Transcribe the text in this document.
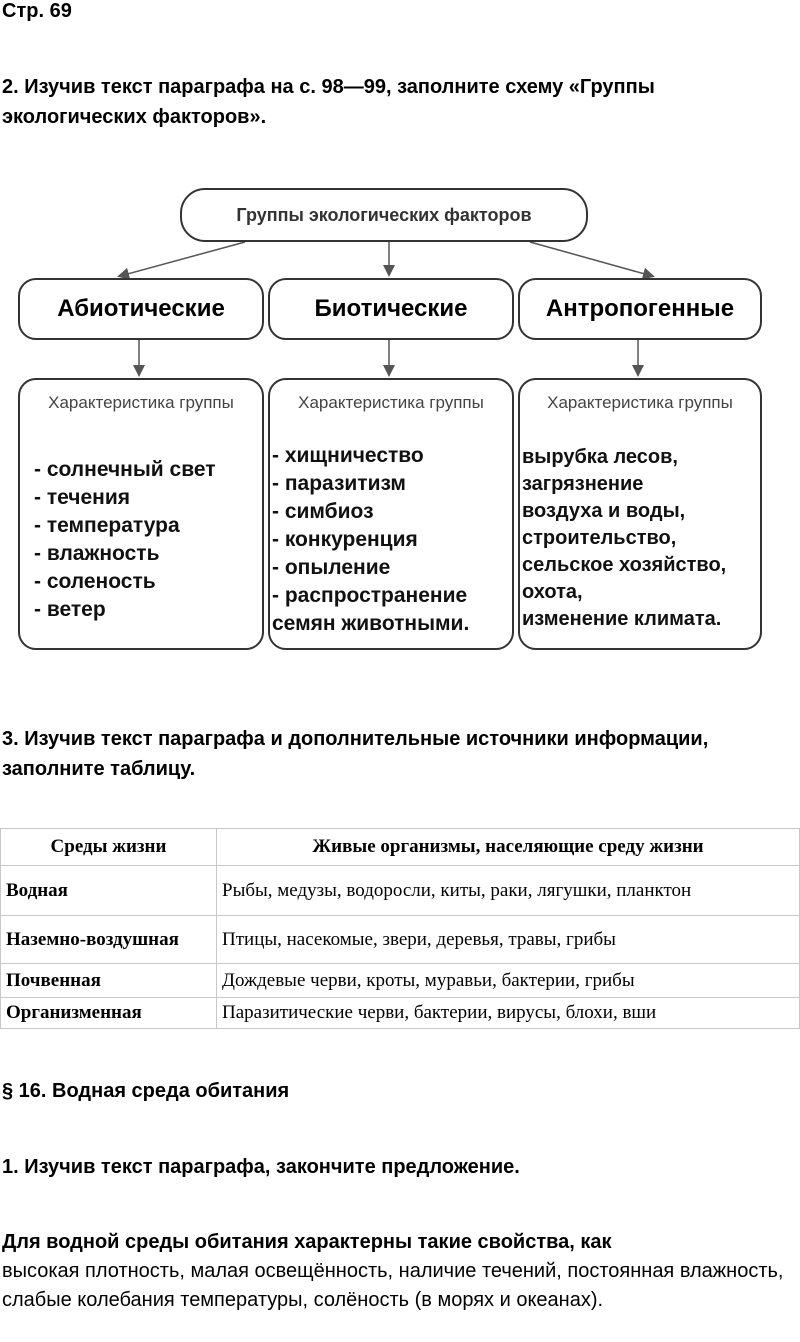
Стр. 69
2. Изучив текст параграфа на с. 98—99, заполните схему «Группы экологических факторов».
Группы экологических факторов
Абиотические
Характеристика группы
- солнечный свет
- течения
- температура
- влажность
- соленость
- ветер
Биотические
Характеристика группы
- хищничество
- паразитизм
- симбиоз
- конкуренция
- опыление
- распространение
семян животными.
Антропогенные
Характеристика группы
вырубка лесов,
загрязнение
воздуха и воды,
строительство,
сельское хозяйство,
охота,
изменение климата.
3. Изучив текст параграфа и дополнительные источники информации, заполните таблицу.
Среды жизни	Живые организмы, населяющие среду жизни
Водная	Рыбы, медузы, водоросли, киты, раки, лягушки, планктон
Наземно-воздушная	Птицы, насекомые, звери, деревья, травы, грибы
Почвенная	Дождевые черви, кроты, муравьи, бактерии, грибы
Организменная	Паразитические черви, бактерии, вирусы, блохи, вши
§ 16. Водная среда обитания
1. Изучив текст параграфа, закончите предложение.
Для водной среды обитания характерны такие свойства, как
высокая плотность, малая освещённость, наличие течений, постоянная влажность, слабые колебания температуры, солёность (в морях и океанах).
